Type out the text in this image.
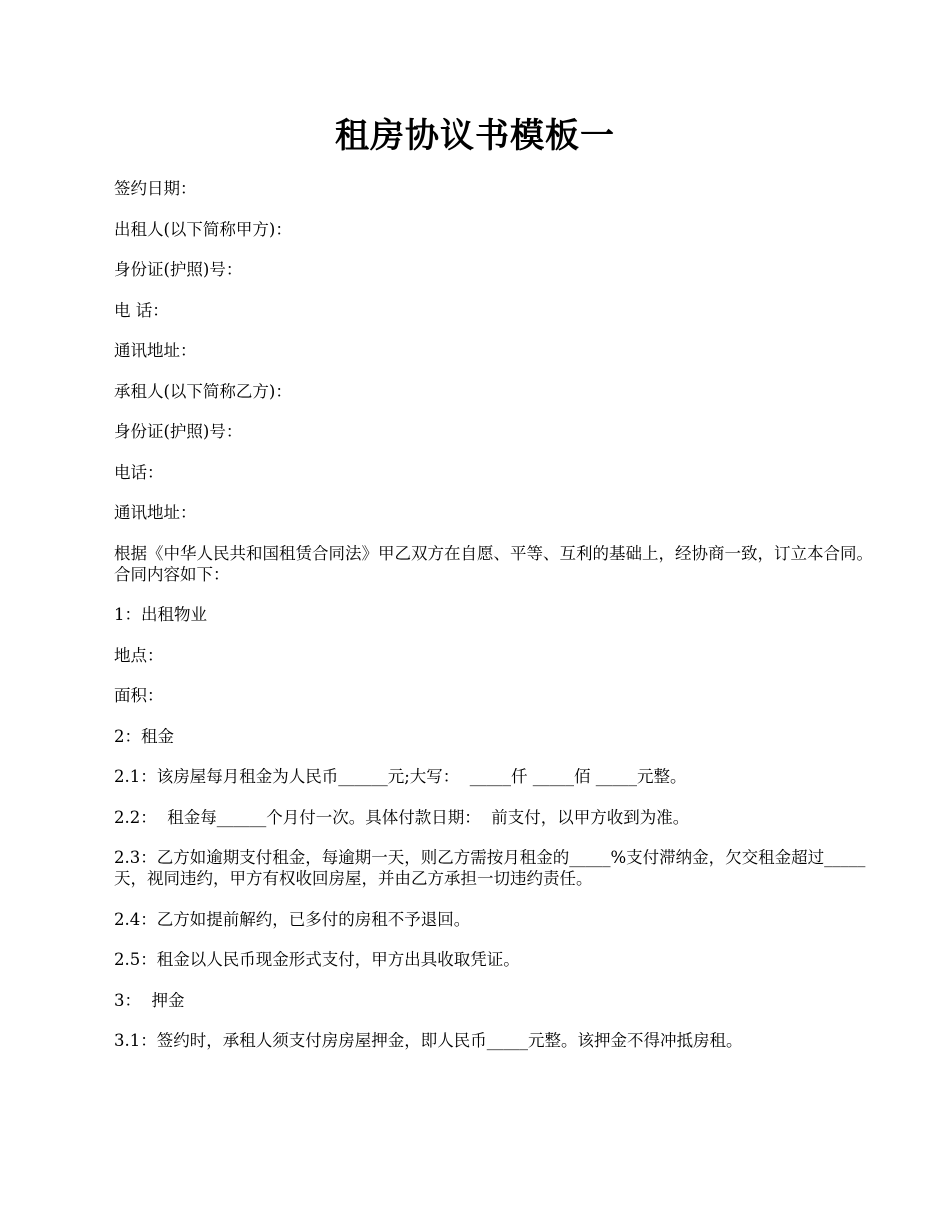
租房协议书模板一

签约日期：

出租人(以下简称甲方)：

身份证(护照)号：

电 话：

通讯地址：

承租人(以下简称乙方)：

身份证(护照)号：

电话：

通讯地址：

根据《中华人民共和国租赁合同法》甲乙双方在自愿、平等、互利的基础上，经协商一致，订立本合同。合同内容如下：

1：出租物业

地点：

面积：

2：租金

2.1：该房屋每月租金为人民币______元;大写：  _____仟 _____佰 _____元整。

2.2：  租金每______个月付一次。具体付款日期：  前支付，以甲方收到为准。

2.3：乙方如逾期支付租金，每逾期一天，则乙方需按月租金的_____%支付滞纳金，欠交租金超过_____天，视同违约，甲方有权收回房屋，并由乙方承担一切违约责任。

2.4：乙方如提前解约，已多付的房租不予退回。

2.5：租金以人民币现金形式支付，甲方出具收取凭证。

3：  押金

3.1：签约时，承租人须支付房房屋押金，即人民币_____元整。该押金不得冲抵房租。
